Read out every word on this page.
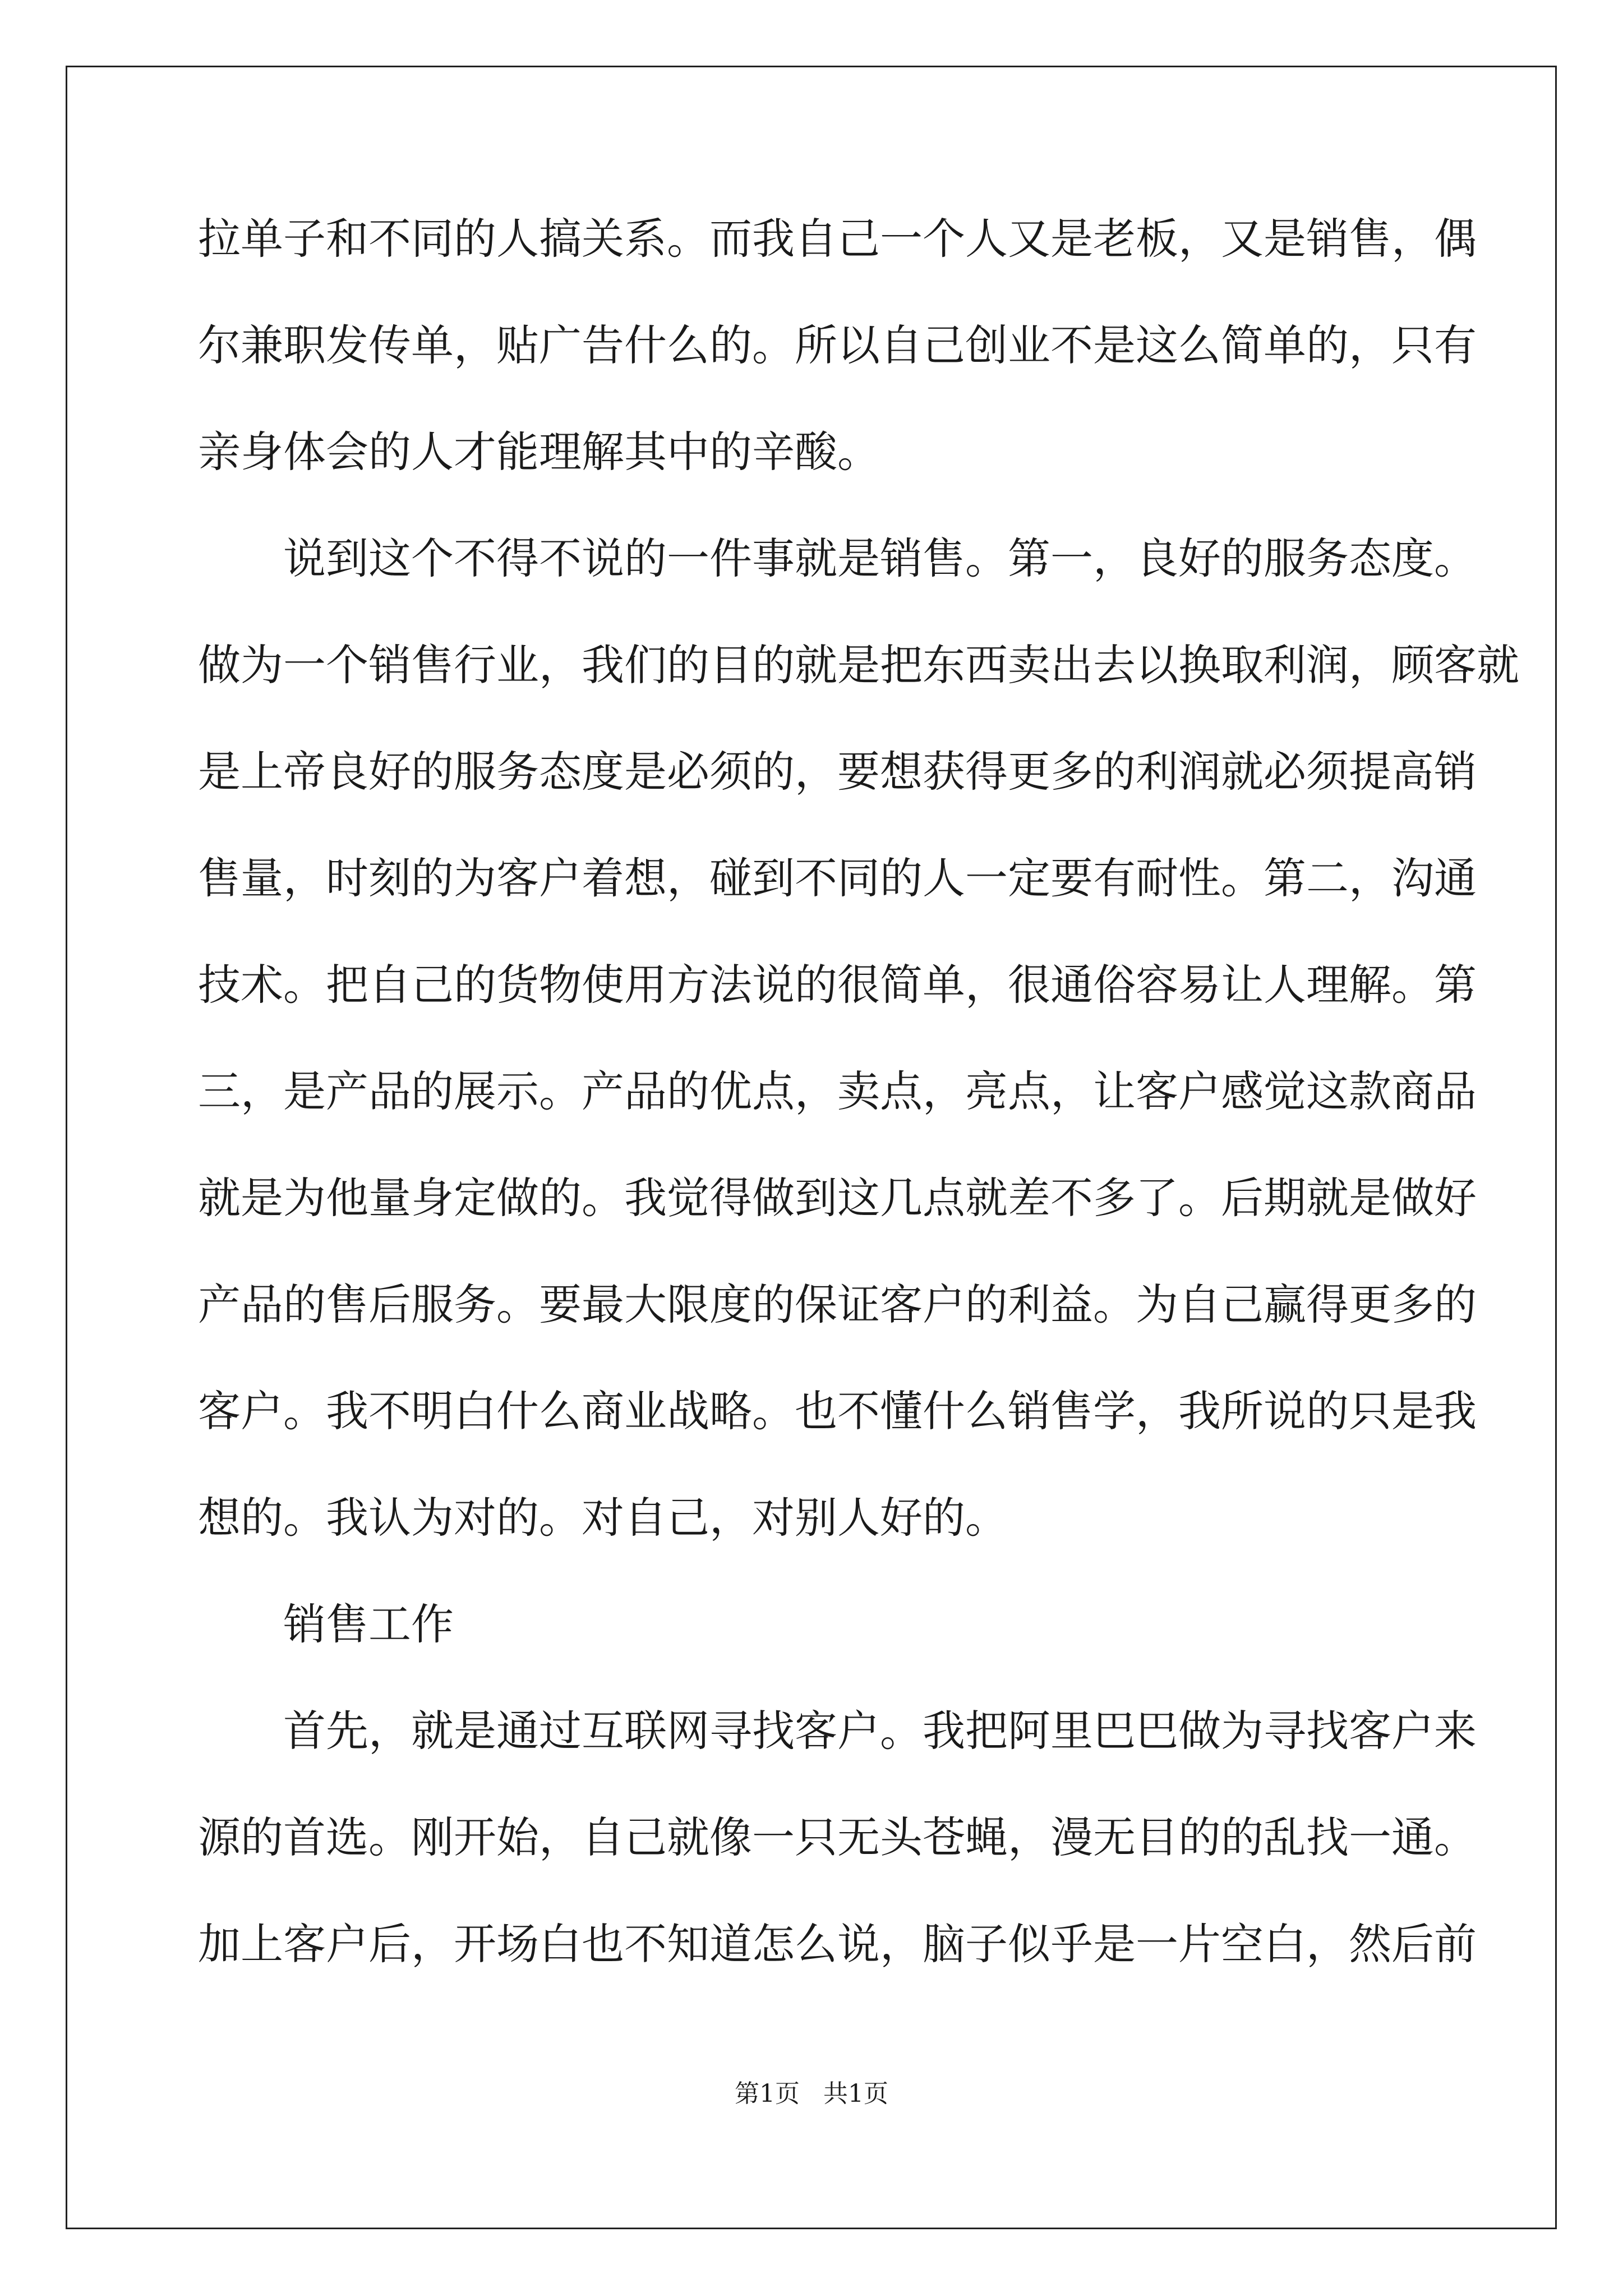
拉单子和不同的人搞关系。而我自己一个人又是老板，又是销售，偶
尔兼职发传单，贴广告什么的。所以自己创业不是这么简单的，只有
亲身体会的人才能理解其中的辛酸。
说到这个不得不说的一件事就是销售。第一，良好的服务态度。
做为一个销售行业，我们的目的就是把东西卖出去以换取利润，顾客就
是上帝良好的服务态度是必须的，要想获得更多的利润就必须提高销
售量，时刻的为客户着想，碰到不同的人一定要有耐性。第二，沟通
技术。把自己的货物使用方法说的很简单，很通俗容易让人理解。第
三，是产品的展示。产品的优点，卖点，亮点，让客户感觉这款商品
就是为他量身定做的。我觉得做到这几点就差不多了。后期就是做好
产品的售后服务。要最大限度的保证客户的利益。为自己赢得更多的
客户。我不明白什么商业战略。也不懂什么销售学，我所说的只是我
想的。我认为对的。对自己，对别人好的。
销售工作
首先，就是通过互联网寻找客户。我把阿里巴巴做为寻找客户来
源的首选。刚开始，自己就像一只无头苍蝇，漫无目的的乱找一通。
加上客户后，开场白也不知道怎么说，脑子似乎是一片空白，然后前
第1页   共1页
